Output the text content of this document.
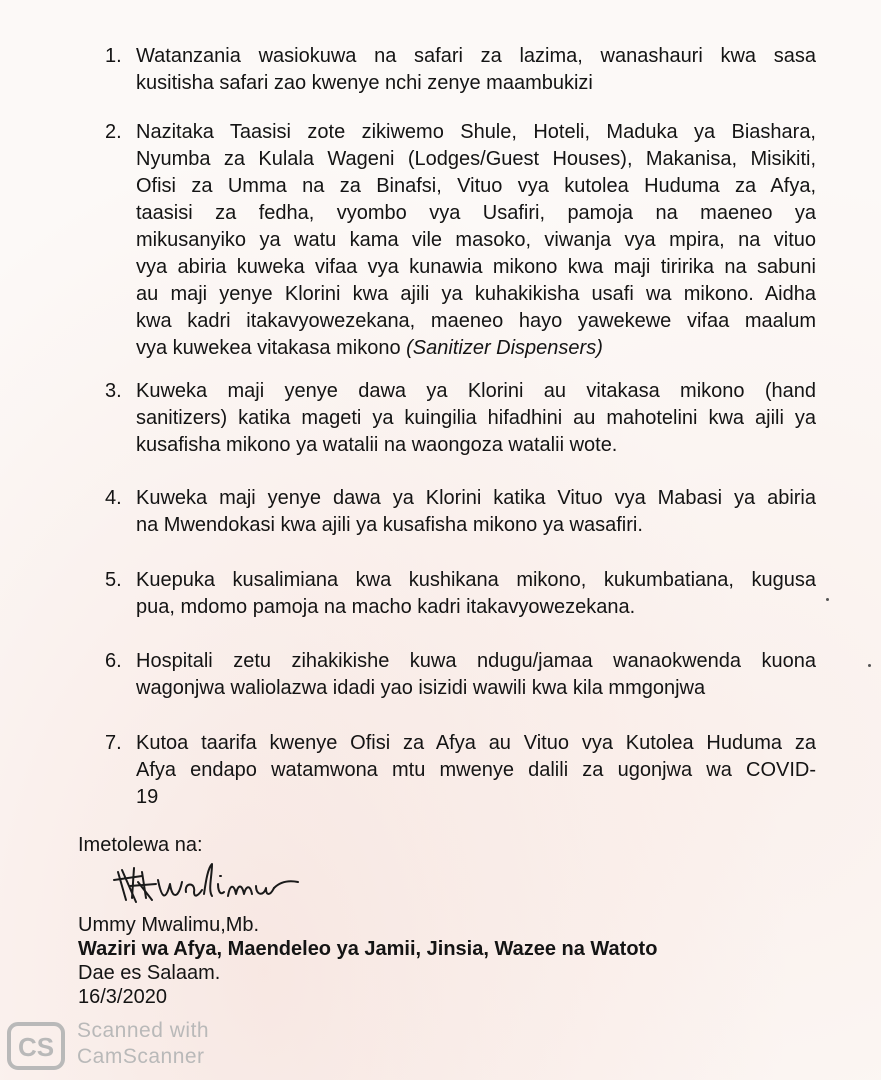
1. Watanzania wasiokuwa na safari za lazima, wanashauri kwa sasa
kusitisha safari zao kwenye nchi zenye maambukizi
2. Nazitaka Taasisi zote zikiwemo Shule, Hoteli, Maduka ya Biashara,
Nyumba za Kulala Wageni (Lodges/Guest Houses), Makanisa, Misikiti,
Ofisi za Umma na za Binafsi, Vituo vya kutolea Huduma za Afya,
taasisi za fedha, vyombo vya Usafiri, pamoja na maeneo ya
mikusanyiko ya watu kama vile masoko, viwanja vya mpira, na vituo
vya abiria kuweka vifaa vya kunawia mikono kwa maji tiririka na sabuni
au maji yenye Klorini kwa ajili ya kuhakikisha usafi wa mikono. Aidha
kwa kadri itakavyowezekana, maeneo hayo yawekewe vifaa maalum
vya kuwekea vitakasa mikono (Sanitizer Dispensers)
3. Kuweka maji yenye dawa ya Klorini au vitakasa mikono (hand
sanitizers) katika mageti ya kuingilia hifadhini au mahotelini kwa ajili ya
kusafisha mikono ya watalii na waongoza watalii wote.
4. Kuweka maji yenye dawa ya Klorini katika Vituo vya Mabasi ya abiria
na Mwendokasi kwa ajili ya kusafisha mikono ya wasafiri.
5. Kuepuka kusalimiana kwa kushikana mikono, kukumbatiana, kugusa
pua, mdomo pamoja na macho kadri itakavyowezekana.
6. Hospitali zetu zihakikishe kuwa ndugu/jamaa wanaokwenda kuona
wagonjwa waliolazwa idadi yao isizidi wawili kwa kila mmgonjwa
7. Kutoa taarifa kwenye Ofisi za Afya au Vituo vya Kutolea Huduma za
Afya endapo watamwona mtu mwenye dalili za ugonjwa wa COVID-
19
Imetolewa na:
Ummy Mwalimu,Mb.
Waziri wa Afya, Maendeleo ya Jamii, Jinsia, Wazee na Watoto
Dae es Salaam.
16/3/2020
CS
Scanned with
CamScanner
